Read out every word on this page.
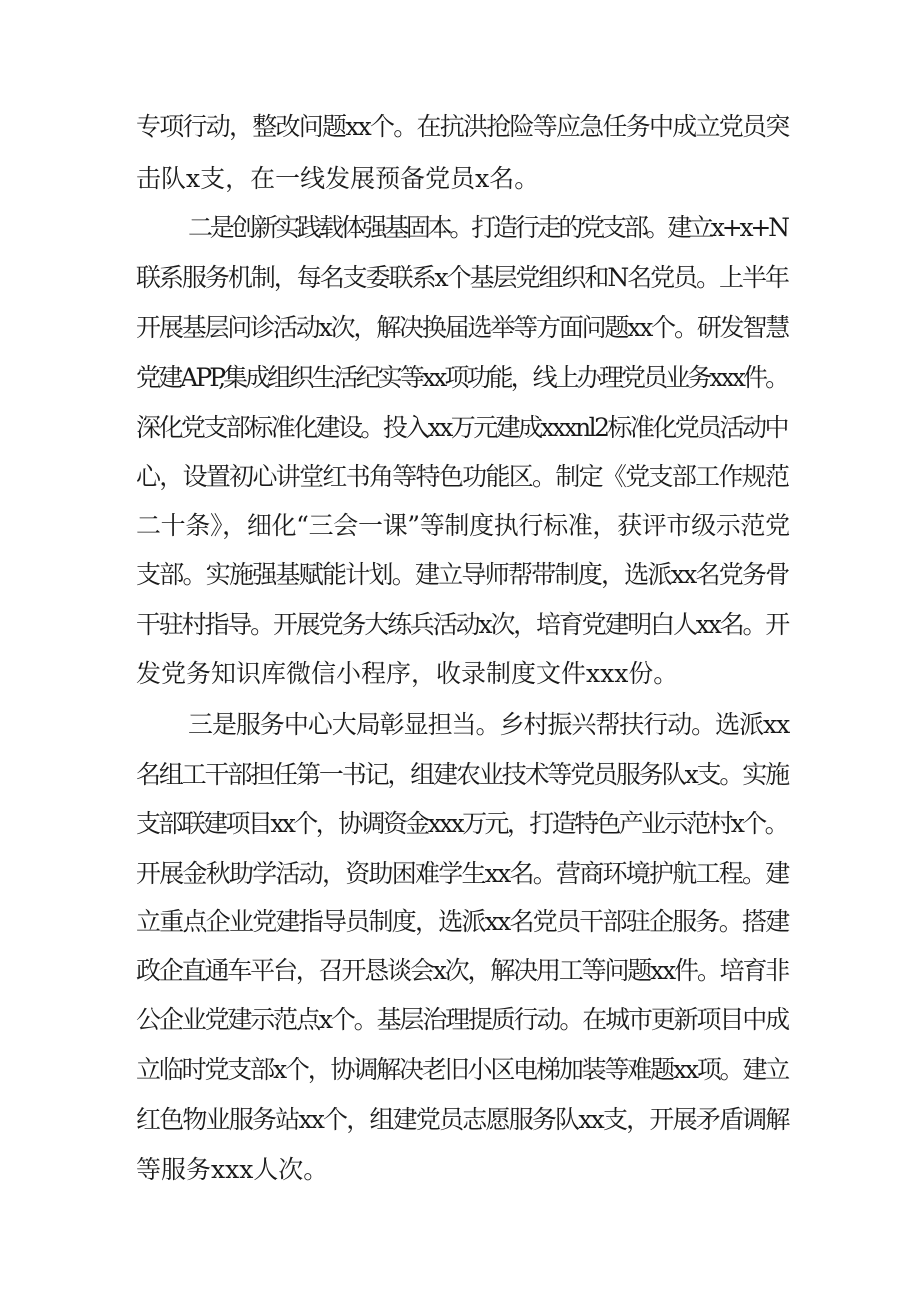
专项行动，整改问题xx个。在抗洪抢险等应急任务中成立党员突

击队x支，在一线发展预备党员x名。

二是创新实践载体强基固本。打造行走的党支部。建立x+x+N

联系服务机制，每名支委联系x个基层党组织和N名党员。上半年

开展基层问诊活动x次，解决换届选举等方面问题xx个。研发智慧

党建APP,集成组织生活纪实等xx项功能，线上办理党员业务xxx件。

深化党支部标准化建设。投入xx万元建成xxxnl2标准化党员活动中

心，设置初心讲堂红书角等特色功能区。制定《党支部工作规范

二十条》，细化“三会一课”等制度执行标准，获评市级示范党

支部。实施强基赋能计划。建立导师帮带制度，选派xx名党务骨

干驻村指导。开展党务大练兵活动x次，培育党建明白人xx名。开

发党务知识库微信小程序，收录制度文件xxx份。

三是服务中心大局彰显担当。乡村振兴帮扶行动。选派xx

名组工干部担任第一书记，组建农业技术等党员服务队x支。实施

支部联建项目xx个，协调资金xxx万元，打造特色产业示范村x个。

开展金秋助学活动，资助困难学生xx名。营商环境护航工程。建

立重点企业党建指导员制度，选派xx名党员干部驻企服务。搭建

政企直通车平台，召开恳谈会x次，解决用工等问题xx件。培育非

公企业党建示范点x个。基层治理提质行动。在城市更新项目中成

立临时党支部x个，协调解决老旧小区电梯加装等难题xx项。建立

红色物业服务站xx个，组建党员志愿服务队xx支，开展矛盾调解

等服务xxx人次。
